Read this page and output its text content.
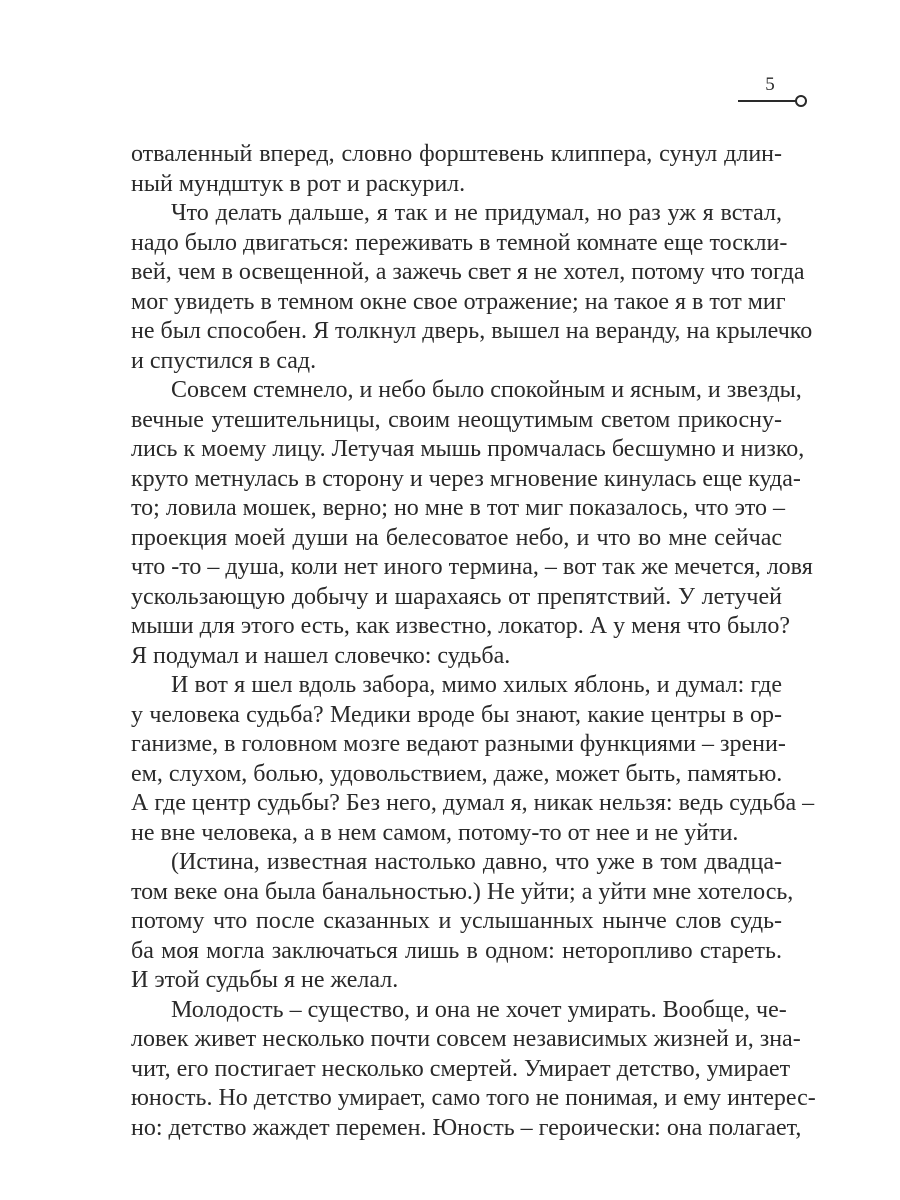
5
отваленный вперед, словно форштевень клиппера, сунул длин-
ный мундштук в рот и раскурил.
Что делать дальше, я так и не придумал, но раз уж я встал,
надо было двигаться: переживать в темной комнате еще тоскли-
вей, чем в освещенной, а зажечь свет я не хотел, потому что тогда
мог увидеть в темном окне свое отражение; на такое я в тот миг
не был способен. Я толкнул дверь, вышел на веранду, на крылечко
и спустился в сад.
Совсем стемнело, и небо было спокойным и ясным, и звезды,
вечные утешительницы, своим неощутимым светом прикосну-
лись к моему лицу. Летучая мышь промчалась бесшумно и низко,
круто метнулась в сторону и через мгновение кинулась еще куда-
то; ловила мошек, верно; но мне в тот миг показалось, что это –
проекция моей души на белесоватое небо, и что во мне сейчас
что -то – душа, коли нет иного термина, – вот так же мечется, ловя
ускользающую добычу и шарахаясь от препятствий. У летучей
мыши для этого есть, как известно, локатор. А у меня что было?
Я подумал и нашел словечко: судьба.
И вот я шел вдоль забора, мимо хилых яблонь, и думал: где
у человека судьба? Медики вроде бы знают, какие центры в ор-
ганизме, в головном мозге ведают разными функциями – зрени-
ем, слухом, болью, удовольствием, даже, может быть, памятью.
А где центр судьбы? Без него, думал я, никак нельзя: ведь судьба –
не вне человека, а в нем самом, потому-то от нее и не уйти.
(Истина, известная настолько давно, что уже в том двадца-
том веке она была банальностью.) Не уйти; а уйти мне хотелось,
потому что после сказанных и услышанных нынче слов судь-
ба моя могла заключаться лишь в одном: неторопливо стареть.
И этой судьбы я не желал.
Молодость – существо, и она не хочет умирать. Вообще, че-
ловек живет несколько почти совсем независимых жизней и, зна-
чит, его постигает несколько смертей. Умирает детство, умирает
юность. Но детство умирает, само того не понимая, и ему интерес-
но: детство жаждет перемен. Юность – героически: она полагает,
